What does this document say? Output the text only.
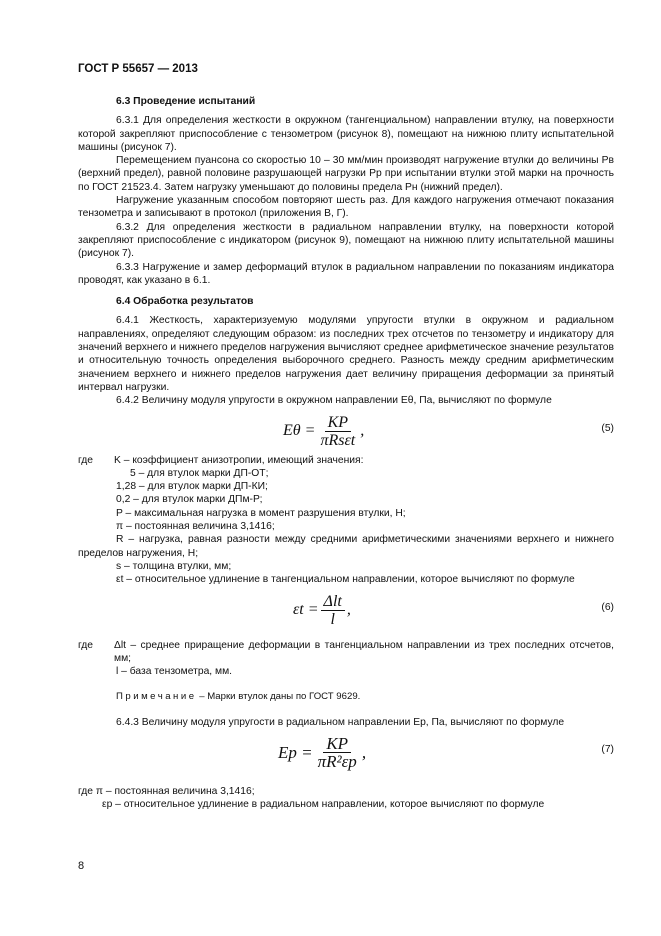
ГОСТ Р 55657 — 2013
6.3 Проведение испытаний

6.3.1 Для определения жесткости в окружном (тангенциальном) направлении втулку, на поверхности которой закрепляют приспособление с тензометром (рисунок 8), помещают на нижнюю плиту испытательной машины (рисунок 7).

Перемещением пуансона со скоростью 10 – 30 мм/мин производят нагружение втулки до величины Pв (верхний предел), равной половине разрушающей нагрузки Pр при испытании втулки этой марки на прочность по ГОСТ 21523.4. Затем нагрузку уменьшают до половины предела Pн (нижний предел).

Нагружение указанным способом повторяют шесть раз. Для каждого нагружения отмечают показания тензометра и записывают в протокол (приложения В, Г).

6.3.2 Для определения жесткости в радиальном направлении втулку, на поверхности которой закрепляют приспособление с индикатором (рисунок 9), помещают на нижнюю плиту испытательной машины (рисунок 7).

6.3.3 Нагружение и замер деформаций втулок в радиальном направлении по показаниям индикатора проводят, как указано в 6.1.

6.4 Обработка результатов

6.4.1 Жесткость, характеризуемую модулями упругости втулки в окружном и радиальном направлениях, определяют следующим образом: из последних трех отсчетов по тензометру и индикатору для значений верхнего и нижнего пределов нагружения вычисляют среднее арифметическое значение результатов и относительную точность определения выборочного среднего. Разность между средним арифметическим значением верхнего и нижнего пределов нагружения дает величину приращения деформации за принятый интервал нагрузки.

6.4.2 Величину модуля упругости в окружном направлении Eθ, Па, вычисляют по формуле

$E\theta = \frac{KP}{\text{πRsεt}}$ ,	(5)
где	K – коэффициент анизотропии, имеющий значения:

5 – для втулок марки ДП-ОТ;

1,28 – для втулок марки ДП-КИ;

0,2 – для втулок марки ДПм-Р;

P – максимальная нагрузка в момент разрушения втулки, Н;

π – постоянная величина 3,1416;

R – нагрузка, равная разности между средними арифметическими значениями верхнего и нижнего пределов нагружения, Н;

s – толщина втулки, мм;

εt – относительное удлинение в тангенциальном направлении, которое вычисляют по формуле

$\varepsilon t = \frac{\text{Δlt}}{l}$ ,	(6)
где	Δlt – среднее приращение деформации в тангенциальном направлении из трех последних отсчетов, мм;

l – база тензометра, мм.

Примечание – Марки втулок даны по ГОСТ 9629.

6.4.3 Величину модуля упругости в радиальном направлении Eр, Па, вычисляют по формуле

$Ep = \frac{KP}{\text{πR²εp}}$ ,	(7)

где π – постоянная величина 3,1416;

εр – относительное удлинение в радиальном направлении, которое вычисляют по формуле

8
